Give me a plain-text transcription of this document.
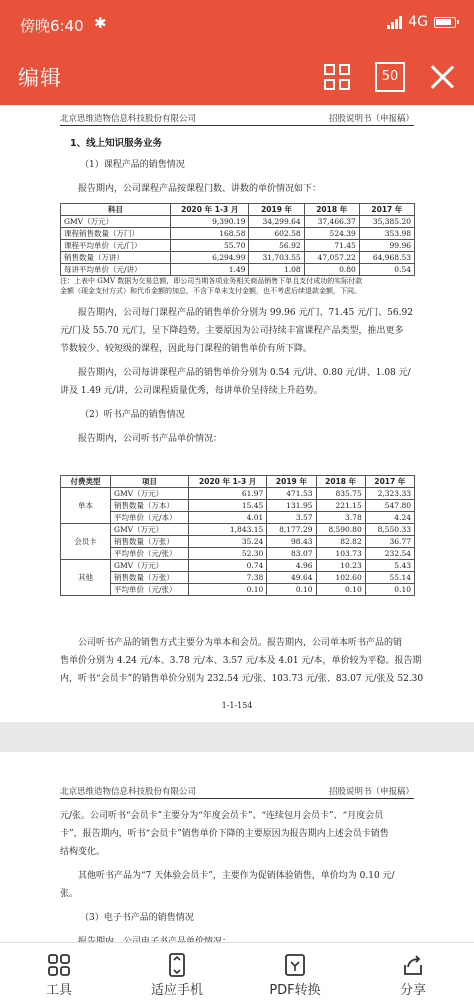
傍晚6:40 ✱	4G
编辑	50
北京思维造物信息科技股份有限公司	招股说明书（申报稿）
1、线上知识服务业务
（1）课程产品的销售情况
报告期内，公司课程产品按课程门数、讲数的单价情况如下：
科目	2020 年 1-3 月	2019 年	2018 年	2017 年
GMV（万元）	9,390.19	34,299.64	37,466.37	35,385.20
课程销售数量（万门）	168.58	602.58	524.39	353.98
课程平均单价（元/门）	55.70	56.92	71.45	99.96
销售数量（万讲）	6,294.99	31,703.55	47,057.22	64,968.53
每讲平均单价（元/讲）	1.49	1.08	0.80	0.54
注：上表中 GMV 数据为交易总额，即公司当期各项业务相关商品销售下单且支付成功的实际付款
金额（现金支付方式）和代币金额的加总，不含下单未支付金额，也不考虑后续退款金额，下同。
报告期内，公司每门课程产品的销售单价分别为 99.96 元/门、71.45 元/门、56.92
元/门及 55.70 元/门，呈下降趋势，主要原因为公司持续丰富课程产品类型，推出更多
节数较少、较短级的课程，因此每门课程的销售单价有所下降。
报告期内，公司每讲课程产品的销售单价分别为 0.54 元/讲、0.80 元/讲、1.08 元/
讲及 1.49 元/讲，公司课程质量优秀，每讲单价呈持续上升趋势。
（2）听书产品的销售情况
报告期内，公司听书产品单价情况：
付费类型	项目	2020 年 1-3 月	2019 年	2018 年	2017 年
单本	GMV（万元）	61.97	471.53	835.75	2,323.33
	销售数量（万本）	15.45	131.95	221.15	547.80
	平均单价（元/本）	4.01	3.57	3.78	4.24
会员卡	GMV（万元）	1,843.15	8,177.29	8,590.80	8,550.33
	销售数量（万张）	35.24	98.43	82.82	36.77
	平均单价（元/张）	52.30	83.07	103.73	232.54
其他	GMV（万元）	0.74	4.96	10.23	5.43
	销售数量（万张）	7.38	49.64	102.60	55.14
	平均单价（元/张）	0.10	0.10	0.10	0.10
公司听书产品的销售方式主要分为单本和会员。报告期内，公司单本听书产品的销
售单价分别为 4.24 元/本、3.78 元/本、3.57 元/本及 4.01 元/本，单价较为平稳。报告期
内，听书“会员卡”的销售单价分别为 232.54 元/张、103.73 元/张、83.07 元/张及 52.30
1-1-154
北京思维造物信息科技股份有限公司	招股说明书（申报稿）
元/张。公司听书“会员卡”主要分为“年度会员卡”、“连续包月会员卡”、“月度会员
卡”，报告期内，听书“会员卡”销售单价下降的主要原因为报告期内上述会员卡销售
结构变化。
其他听书产品为“7 天体验会员卡”，主要作为促销体验销售，单价均为 0.10 元/
张。
（3）电子书产品的销售情况
工具	适应手机	PDF转换	分享
